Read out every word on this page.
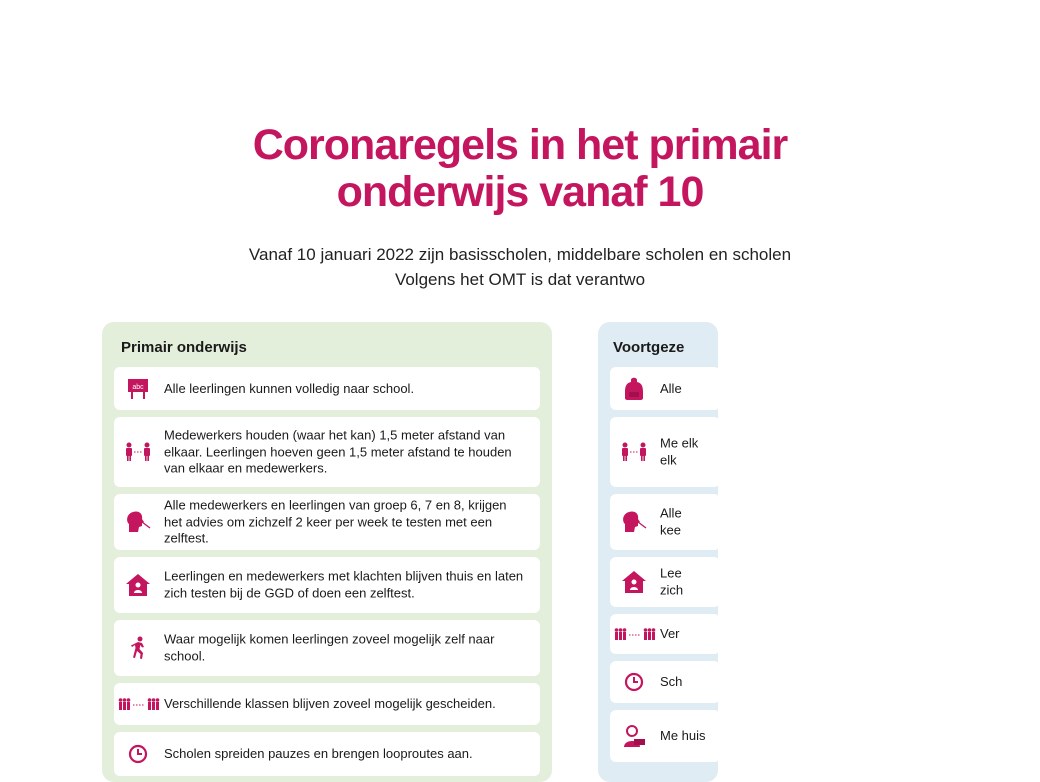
Coronaregels in het primair
onderwijs vanaf 10
Vanaf 10 januari 2022 zijn basisscholen, middelbare scholen en scholen
Volgens het OMT is dat verantwo
Primair onderwijs
abc Alle leerlingen kunnen volledig naar school.
Medewerkers houden (waar het kan) 1,5 meter afstand van elkaar. Leerlingen hoeven geen 1,5 meter afstand te houden van elkaar en medewerkers.
Alle medewerkers en leerlingen van groep 6, 7 en 8, krijgen het advies om zichzelf 2 keer per week te testen met een zelftest.
Leerlingen en medewerkers met klachten blijven thuis en laten zich testen bij de GGD of doen een zelftest.
Waar mogelijk komen leerlingen zoveel mogelijk zelf naar school.
Verschillende klassen blijven zoveel mogelijk gescheiden.
Scholen spreiden pauzes en brengen looproutes aan.
Voortgeze
Alle
Me elk elk
Alle kee
Lee zich
Ver
Sch
Me huis
